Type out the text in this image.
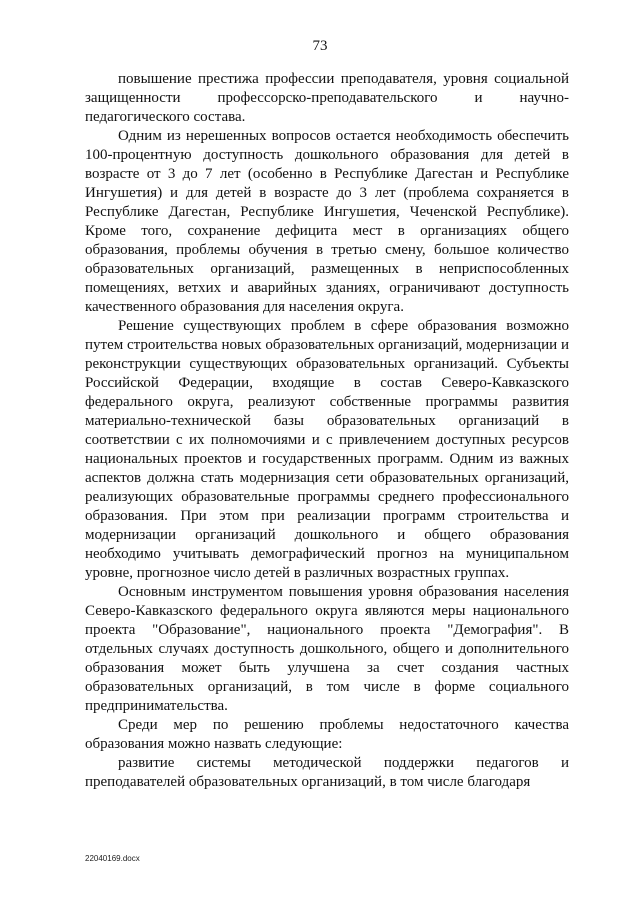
73

повышение престижа профессии преподавателя, уровня социальной защищенности профессорско-преподавательского и научно-педагогического состава.

Одним из нерешенных вопросов остается необходимость обеспечить 100-процентную доступность дошкольного образования для детей в возрасте от 3 до 7 лет (особенно в Республике Дагестан и Республике Ингушетия) и для детей в возрасте до 3 лет (проблема сохраняется в Республике Дагестан, Республике Ингушетия, Чеченской Республике). Кроме того, сохранение дефицита мест в организациях общего образования, проблемы обучения в третью смену, большое количество образовательных организаций, размещенных в неприспособленных помещениях, ветхих и аварийных зданиях, ограничивают доступность качественного образования для населения округа.

Решение существующих проблем в сфере образования возможно путем строительства новых образовательных организаций, модернизации и реконструкции существующих образовательных организаций. Субъекты Российской Федерации, входящие в состав Северо-Кавказского федерального округа, реализуют собственные программы развития материально-технической базы образовательных организаций в соответствии с их полномочиями и с привлечением доступных ресурсов национальных проектов и государственных программ. Одним из важных аспектов должна стать модернизация сети образовательных организаций, реализующих образовательные программы среднего профессионального образования. При этом при реализации программ строительства и модернизации организаций дошкольного и общего образования необходимо учитывать демографический прогноз на муниципальном уровне, прогнозное число детей в различных возрастных группах.

Основным инструментом повышения уровня образования населения Северо-Кавказского федерального округа являются меры национального проекта "Образование", национального проекта "Демография". В отдельных случаях доступность дошкольного, общего и дополнительного образования может быть улучшена за счет создания частных образовательных организаций, в том числе в форме социального предпринимательства.

Среди мер по решению проблемы недостаточного качества образования можно назвать следующие:

развитие системы методической поддержки педагогов и преподавателей образовательных организаций, в том числе благодаря

22040169.docx
